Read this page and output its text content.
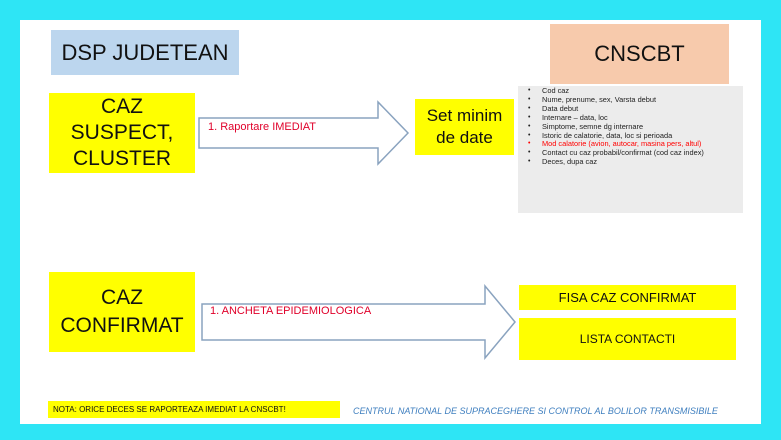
DSP JUDETEAN	CNSCBT
CAZ
SUSPECT,
CLUSTER
1. Raportare IMEDIAT
Set minim
de date
• Cod caz
• Nume, prenume, sex, Varsta debut
• Data debut
• Internare – data, loc
• Simptome, semne dg internare
• Istoric de calatorie, data, loc si perioada
• Mod calatorie (avion, autocar, masina pers, altul)
• Contact cu caz probabil/confirmat (cod caz index)
• Deces, dupa caz
CAZ
CONFIRMAT
1. ANCHETA EPIDEMIOLOGICA
FISA CAZ CONFIRMAT
LISTA CONTACTI
NOTA: ORICE DECES SE RAPORTEAZA IMEDIAT LA CNSCBT!	CENTRUL NATIONAL DE SUPRACEGHERE SI CONTROL AL BOLILOR TRANSMISIBILE
